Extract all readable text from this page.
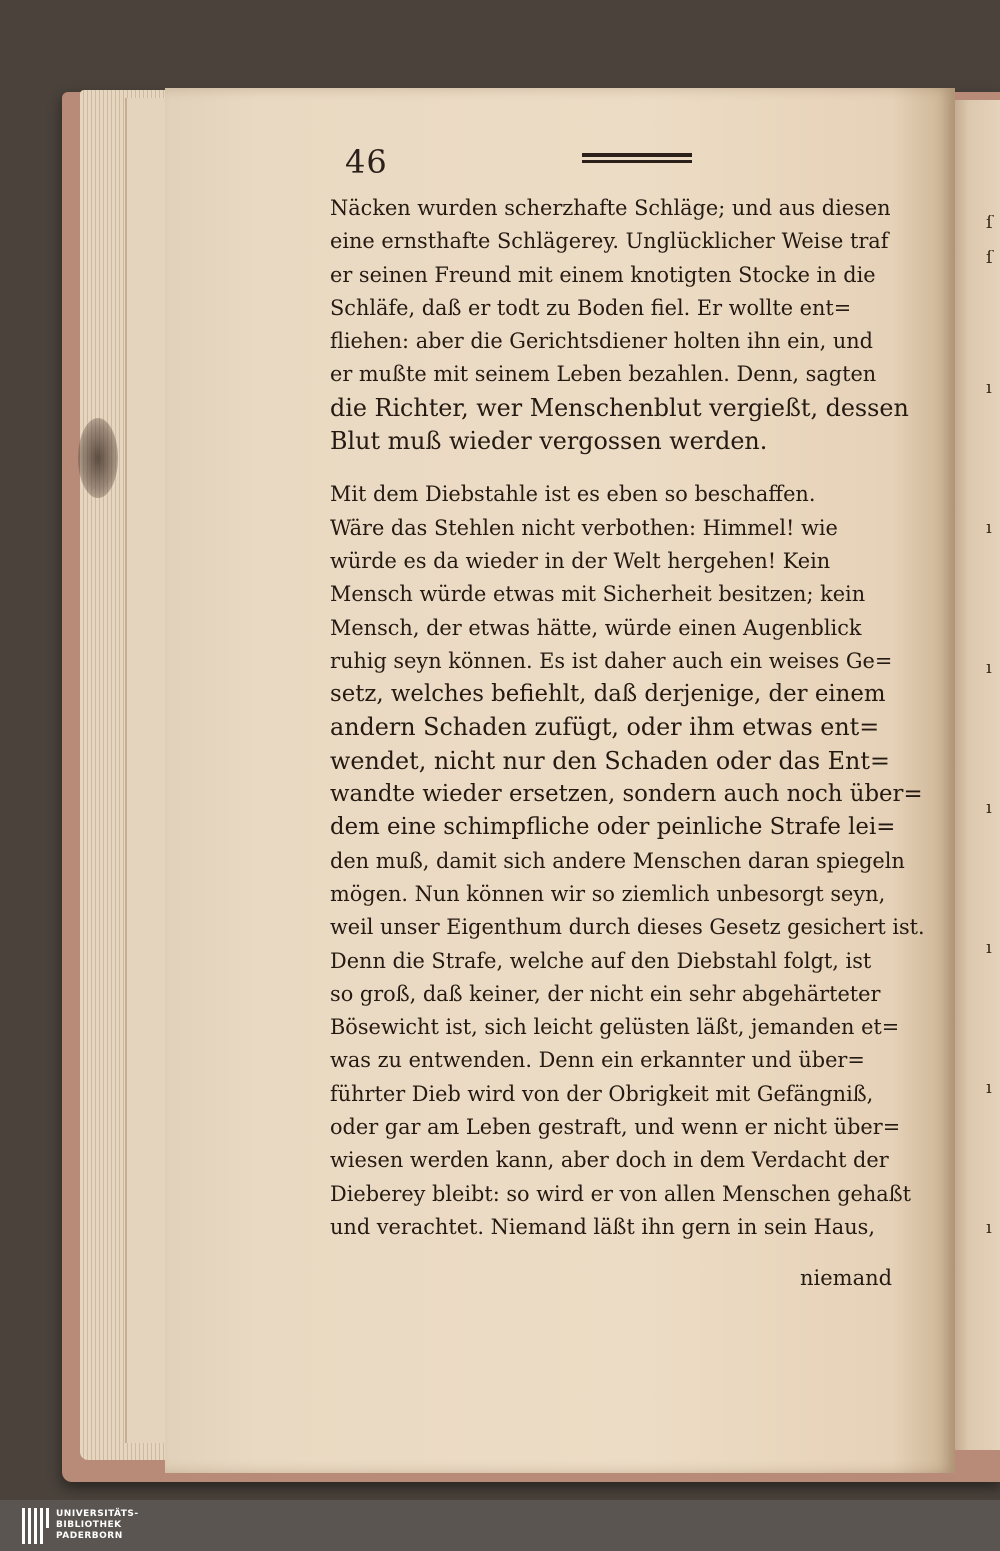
ſ
ſ
ı
ı
ı
ı
ı
ı
ı
46
Näcken wurden scherzhafte Schläge; und aus diesen
eine ernsthafte Schlägerey. Unglücklicher Weise traf
er seinen Freund mit einem knotigten Stocke in die
Schläfe, daß er todt zu Boden fiel. Er wollte ent=
fliehen: aber die Gerichtsdiener holten ihn ein, und
er mußte mit seinem Leben bezahlen. Denn, sagten
die Richter, wer Menschenblut vergießt, dessen
Blut muß wieder vergossen werden.
Mit dem Diebstahle ist es eben so beschaffen.
Wäre das Stehlen nicht verbothen: Himmel! wie
würde es da wieder in der Welt hergehen! Kein
Mensch würde etwas mit Sicherheit besitzen; kein
Mensch, der etwas hätte, würde einen Augenblick
ruhig seyn können. Es ist daher auch ein weises Ge=
setz, welches befiehlt, daß derjenige, der einem
andern Schaden zufügt, oder ihm etwas ent=
wendet, nicht nur den Schaden oder das Ent=
wandte wieder ersetzen, sondern auch noch über=
dem eine schimpfliche oder peinliche Strafe lei=
den muß, damit sich andere Menschen daran spiegeln
mögen. Nun können wir so ziemlich unbesorgt seyn,
weil unser Eigenthum durch dieses Gesetz gesichert ist.
Denn die Strafe, welche auf den Diebstahl folgt, ist
so groß, daß keiner, der nicht ein sehr abgehärteter
Bösewicht ist, sich leicht gelüsten läßt, jemanden et=
was zu entwenden. Denn ein erkannter und über=
führter Dieb wird von der Obrigkeit mit Gefängniß,
oder gar am Leben gestraft, und wenn er nicht über=
wiesen werden kann, aber doch in dem Verdacht der
Dieberey bleibt: so wird er von allen Menschen gehaßt
und verachtet. Niemand läßt ihn gern in sein Haus,
niemand
UNIVERSITÄTS-
BIBLIOTHEK
PADERBORN
